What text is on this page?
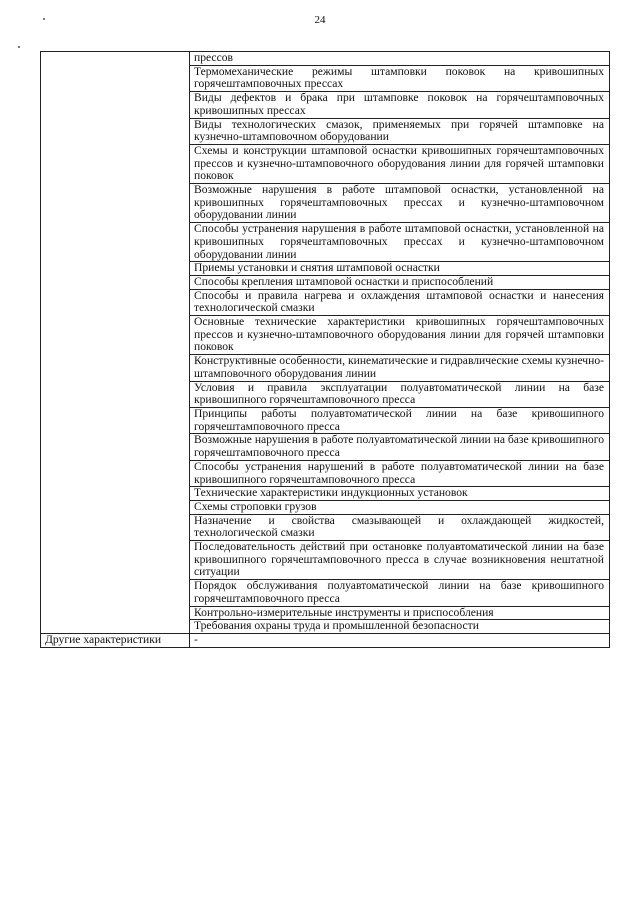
24
	прессов
	Термомеханические режимы штамповки поковок на кривошипных горячештамповочных прессах
	Виды дефектов и брака при штамповке поковок на горячештамповочных кривошипных прессах
	Виды технологических смазок, применяемых при горячей штамповке на кузнечно-штамповочном оборудовании
	Схемы и конструкции штамповой оснастки кривошипных горячештамповочных прессов и кузнечно-штамповочного оборудования линии для горячей штамповки поковок
	Возможные нарушения в работе штамповой оснастки, установленной на кривошипных горячештамповочных прессах и кузнечно-штамповочном оборудовании линии
	Способы устранения нарушения в работе штамповой оснастки, установленной на кривошипных горячештамповочных прессах и кузнечно-штамповочном оборудовании линии
	Приемы установки и снятия штамповой оснастки
	Способы крепления штамповой оснастки и приспособлений
	Способы и правила нагрева и охлаждения штамповой оснастки и нанесения технологической смазки
	Основные технические характеристики кривошипных горячештамповочных прессов и кузнечно-штамповочного оборудования линии для горячей штамповки поковок
	Конструктивные особенности, кинематические и гидравлические схемы кузнечно-штамповочного оборудования линии
	Условия и правила эксплуатации полуавтоматической линии на базе кривошипного горячештамповочного пресса
	Принципы работы полуавтоматической линии на базе кривошипного горячештамповочного пресса
	Возможные нарушения в работе полуавтоматической линии на базе кривошипного горячештамповочного пресса
	Способы устранения нарушений в работе полуавтоматической линии на базе кривошипного горячештамповочного пресса
	Технические характеристики индукционных установок
	Схемы строповки грузов
	Назначение и свойства смазывающей и охлаждающей жидкостей, технологической смазки
	Последовательность действий при остановке полуавтоматической линии на базе кривошипного горячештамповочного пресса в случае возникновения нештатной ситуации
	Порядок обслуживания полуавтоматической линии на базе кривошипного горячештамповочного пресса
	Контрольно-измерительные инструменты и приспособления
	Требования охраны труда и промышленной безопасности
Другие характеристики	-
